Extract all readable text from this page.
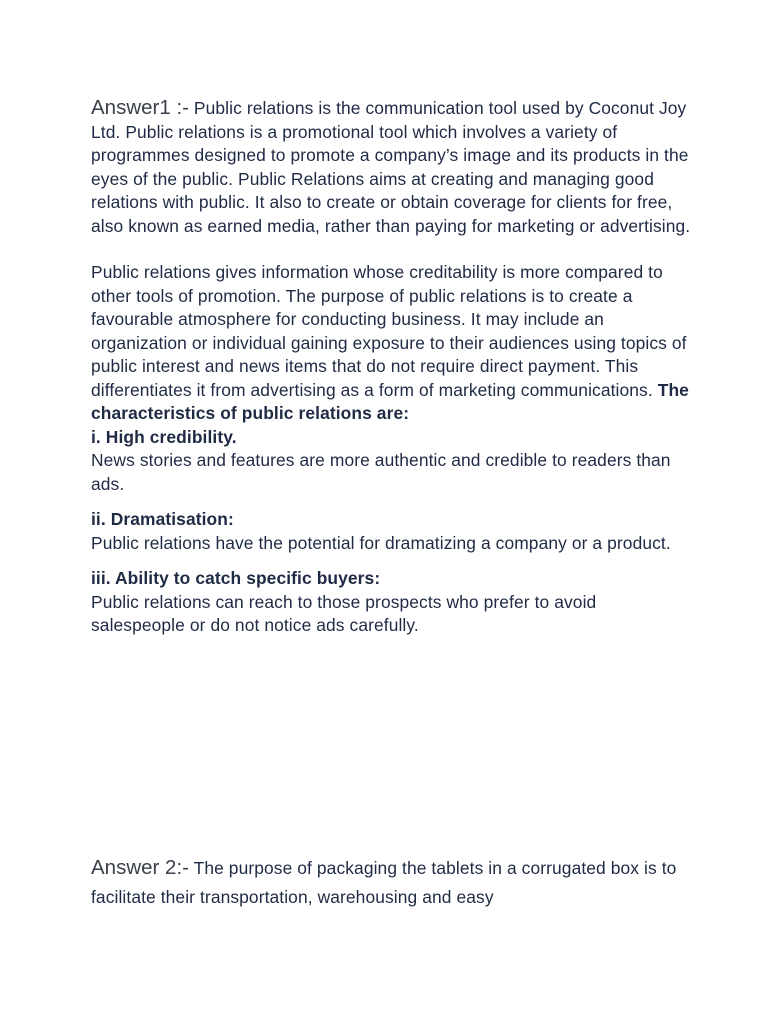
Answer1 :- Public relations is the communication tool used by Coconut Joy Ltd. Public relations is a promotional tool which involves a variety of programmes designed to promote a company’s image and its products in the eyes of the public. Public Relations aims at creating and managing good relations with public. It also to create or obtain coverage for clients for free, also known as earned media, rather than paying for marketing or advertising.

Public relations gives information whose creditability is more compared to other tools of promotion. The purpose of public relations is to create a favourable atmosphere for conducting business. It may include an organization or individual gaining exposure to their audiences using topics of public interest and news items that do not require direct payment. This differentiates it from advertising as a form of marketing communications. The characteristics of public relations are:

i. High credibility.

News stories and features are more authentic and credible to readers than ads.

ii. Dramatisation:

Public relations have the potential for dramatizing a company or a product.

iii. Ability to catch specific buyers:

Public relations can reach to those prospects who prefer to avoid salespeople or do not notice ads carefully.

Answer 2:- The purpose of packaging the tablets in a corrugated box is to facilitate their transportation, warehousing and easy
